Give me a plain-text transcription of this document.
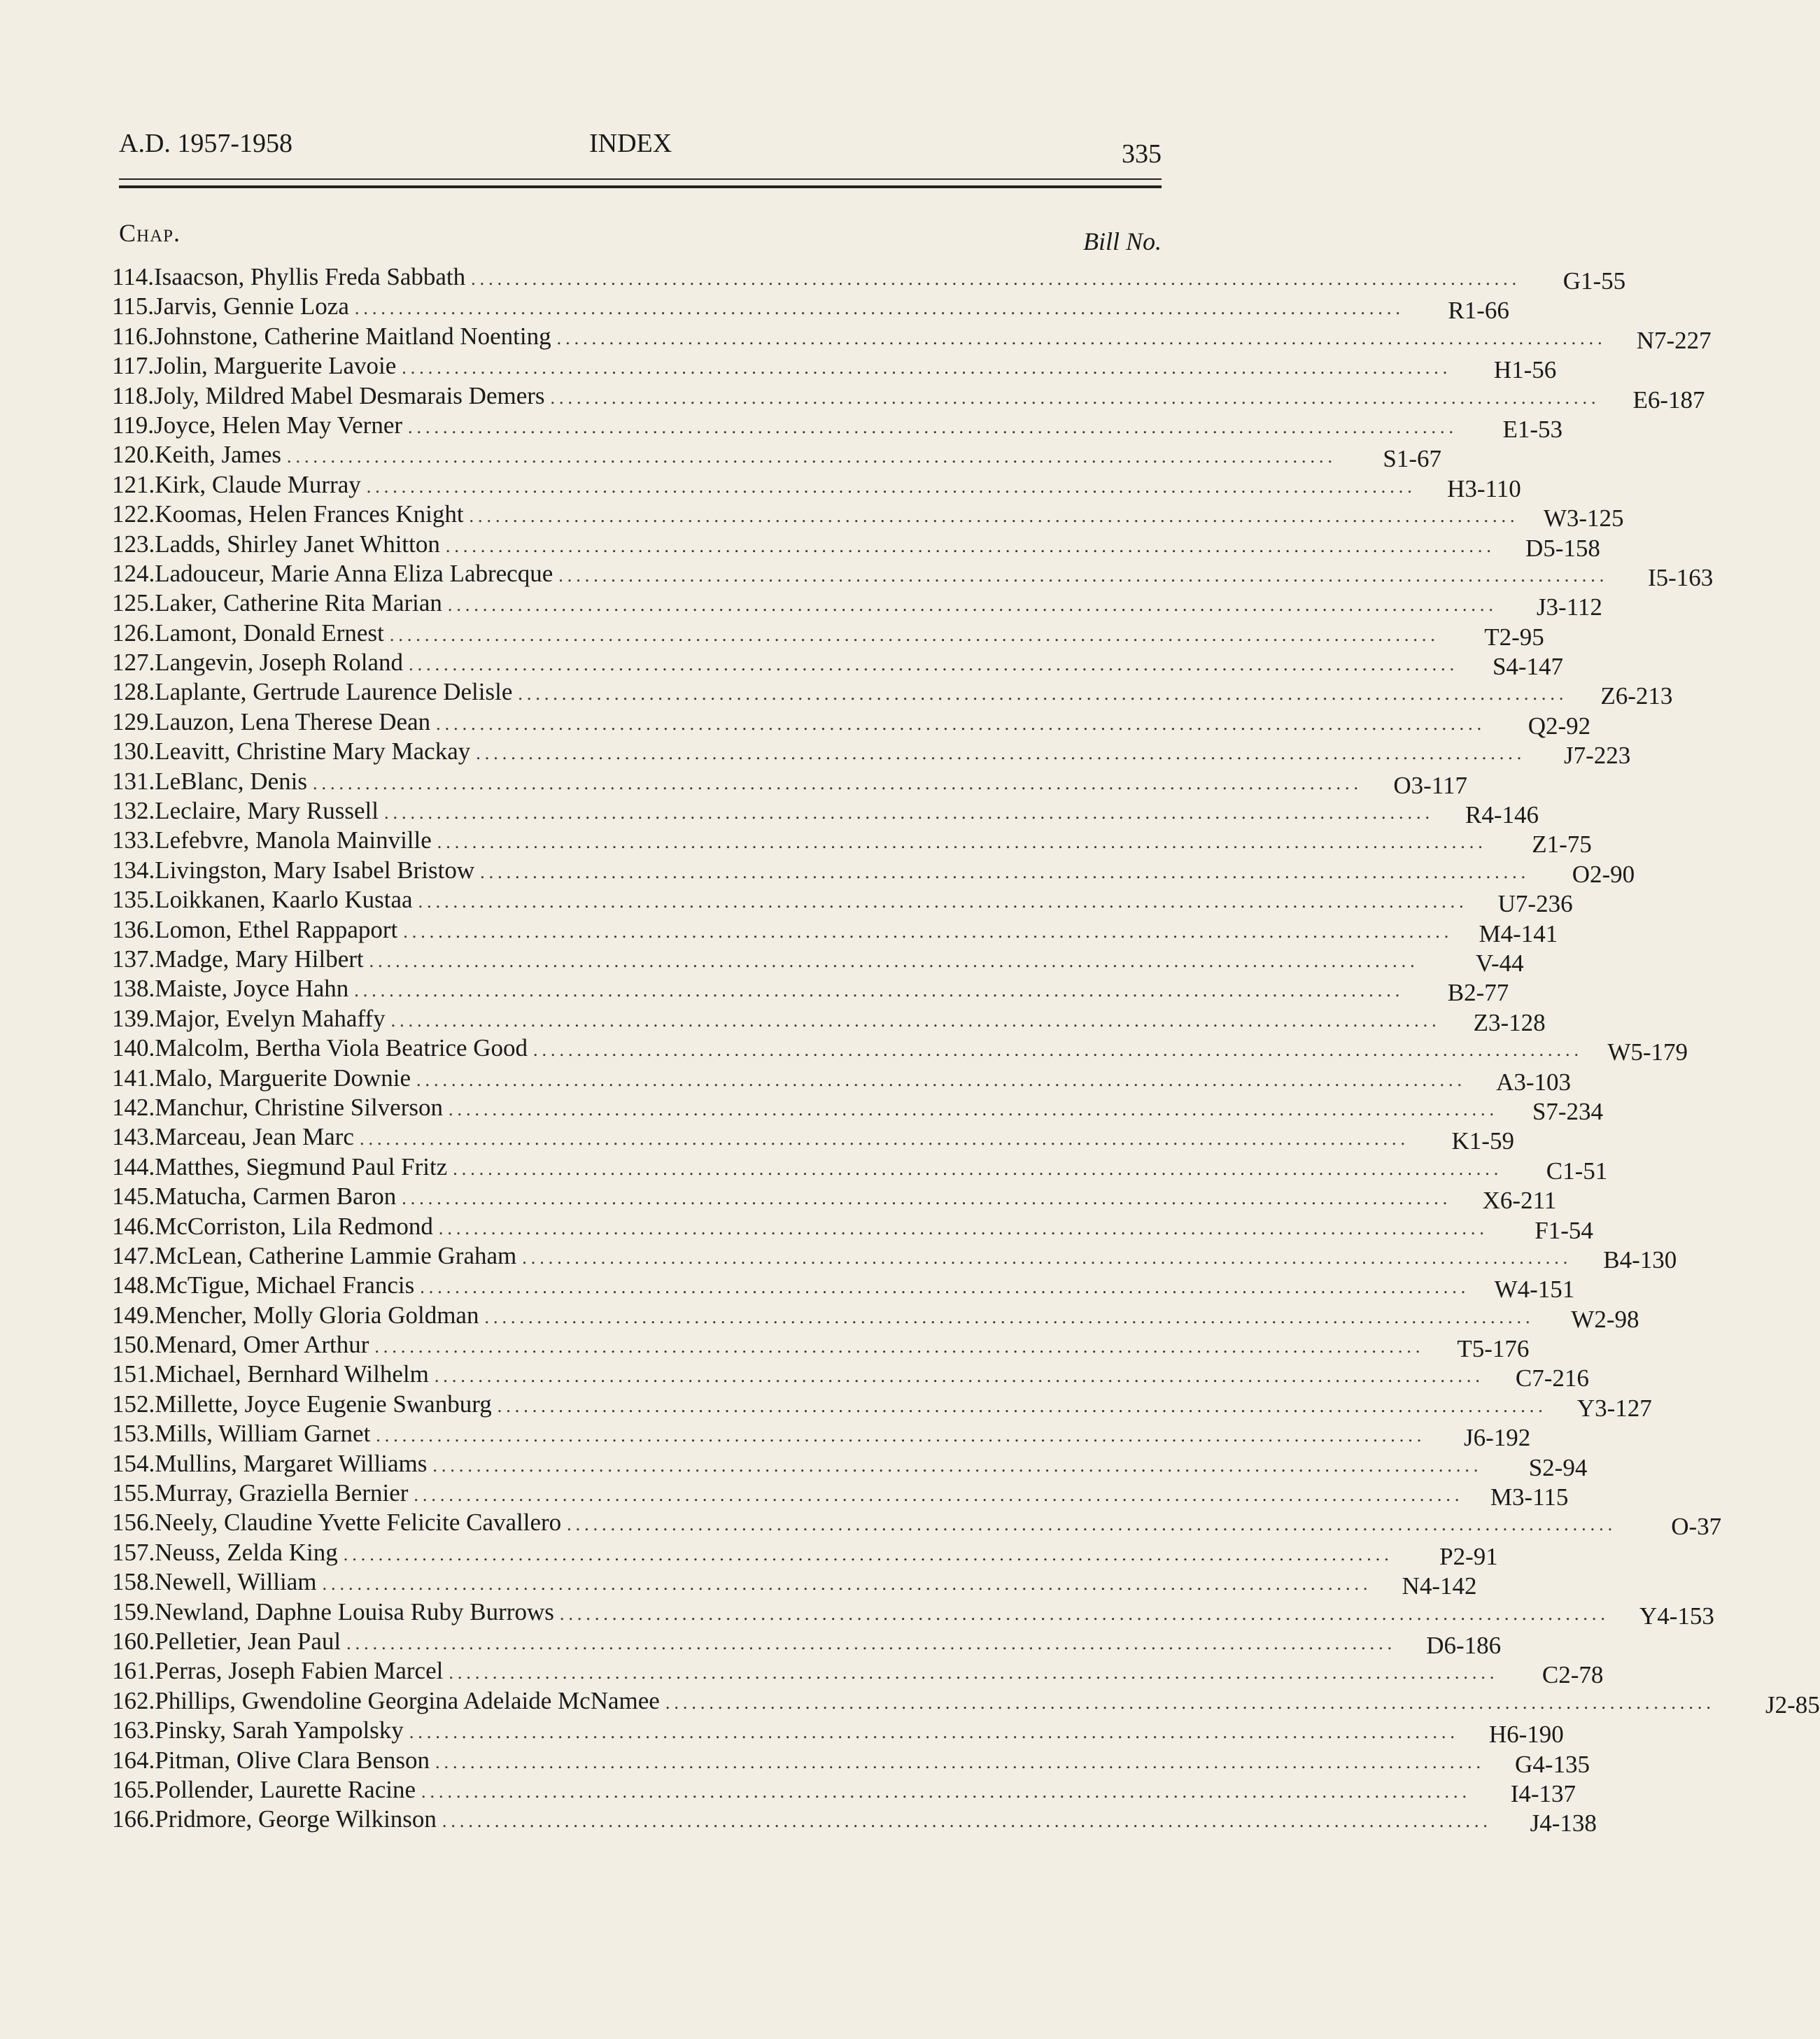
A.D. 1957-1958	INDEX	335
Chap.	Bill No.
114. Isaacson, Phyllis Freda Sabbath ........................................................................................................................	G1-55
115. Jarvis, Gennie Loza ........................................................................................................................	R1-66
116. Johnstone, Catherine Maitland Noenting ........................................................................................................................	N7-227
117. Jolin, Marguerite Lavoie ........................................................................................................................	H1-56
118. Joly, Mildred Mabel Desmarais Demers ........................................................................................................................	E6-187
119. Joyce, Helen May Verner ........................................................................................................................	E1-53
120. Keith, James ........................................................................................................................	S1-67
121. Kirk, Claude Murray ........................................................................................................................	H3-110
122. Koomas, Helen Frances Knight ........................................................................................................................	W3-125
123. Ladds, Shirley Janet Whitton ........................................................................................................................	D5-158
124. Ladouceur, Marie Anna Eliza Labrecque ........................................................................................................................	I5-163
125. Laker, Catherine Rita Marian ........................................................................................................................	J3-112
126. Lamont, Donald Ernest ........................................................................................................................	T2-95
127. Langevin, Joseph Roland ........................................................................................................................	S4-147
128. Laplante, Gertrude Laurence Delisle ........................................................................................................................	Z6-213
129. Lauzon, Lena Therese Dean ........................................................................................................................	Q2-92
130. Leavitt, Christine Mary Mackay ........................................................................................................................	J7-223
131. LeBlanc, Denis ........................................................................................................................	O3-117
132. Leclaire, Mary Russell ........................................................................................................................	R4-146
133. Lefebvre, Manola Mainville ........................................................................................................................	Z1-75
134. Livingston, Mary Isabel Bristow ........................................................................................................................	O2-90
135. Loikkanen, Kaarlo Kustaa ........................................................................................................................	U7-236
136. Lomon, Ethel Rappaport ........................................................................................................................	M4-141
137. Madge, Mary Hilbert ........................................................................................................................	V-44
138. Maiste, Joyce Hahn ........................................................................................................................	B2-77
139. Major, Evelyn Mahaffy ........................................................................................................................	Z3-128
140. Malcolm, Bertha Viola Beatrice Good ........................................................................................................................	W5-179
141. Malo, Marguerite Downie ........................................................................................................................	A3-103
142. Manchur, Christine Silverson ........................................................................................................................	S7-234
143. Marceau, Jean Marc ........................................................................................................................	K1-59
144. Matthes, Siegmund Paul Fritz ........................................................................................................................	C1-51
145. Matucha, Carmen Baron ........................................................................................................................	X6-211
146. McCorriston, Lila Redmond ........................................................................................................................	F1-54
147. McLean, Catherine Lammie Graham ........................................................................................................................	B4-130
148. McTigue, Michael Francis ........................................................................................................................	W4-151
149. Mencher, Molly Gloria Goldman ........................................................................................................................	W2-98
150. Menard, Omer Arthur ........................................................................................................................	T5-176
151. Michael, Bernhard Wilhelm ........................................................................................................................	C7-216
152. Millette, Joyce Eugenie Swanburg ........................................................................................................................	Y3-127
153. Mills, William Garnet ........................................................................................................................	J6-192
154. Mullins, Margaret Williams ........................................................................................................................	S2-94
155. Murray, Graziella Bernier ........................................................................................................................	M3-115
156. Neely, Claudine Yvette Felicite Cavallero ........................................................................................................................	O-37
157. Neuss, Zelda King ........................................................................................................................	P2-91
158. Newell, William ........................................................................................................................	N4-142
159. Newland, Daphne Louisa Ruby Burrows ........................................................................................................................	Y4-153
160. Pelletier, Jean Paul ........................................................................................................................	D6-186
161. Perras, Joseph Fabien Marcel ........................................................................................................................	C2-78
162. Phillips, Gwendoline Georgina Adelaide McNamee ........................................................................................................................	J2-85
163. Pinsky, Sarah Yampolsky ........................................................................................................................	H6-190
164. Pitman, Olive Clara Benson ........................................................................................................................	G4-135
165. Pollender, Laurette Racine ........................................................................................................................	I4-137
166. Pridmore, George Wilkinson ........................................................................................................................	J4-138
